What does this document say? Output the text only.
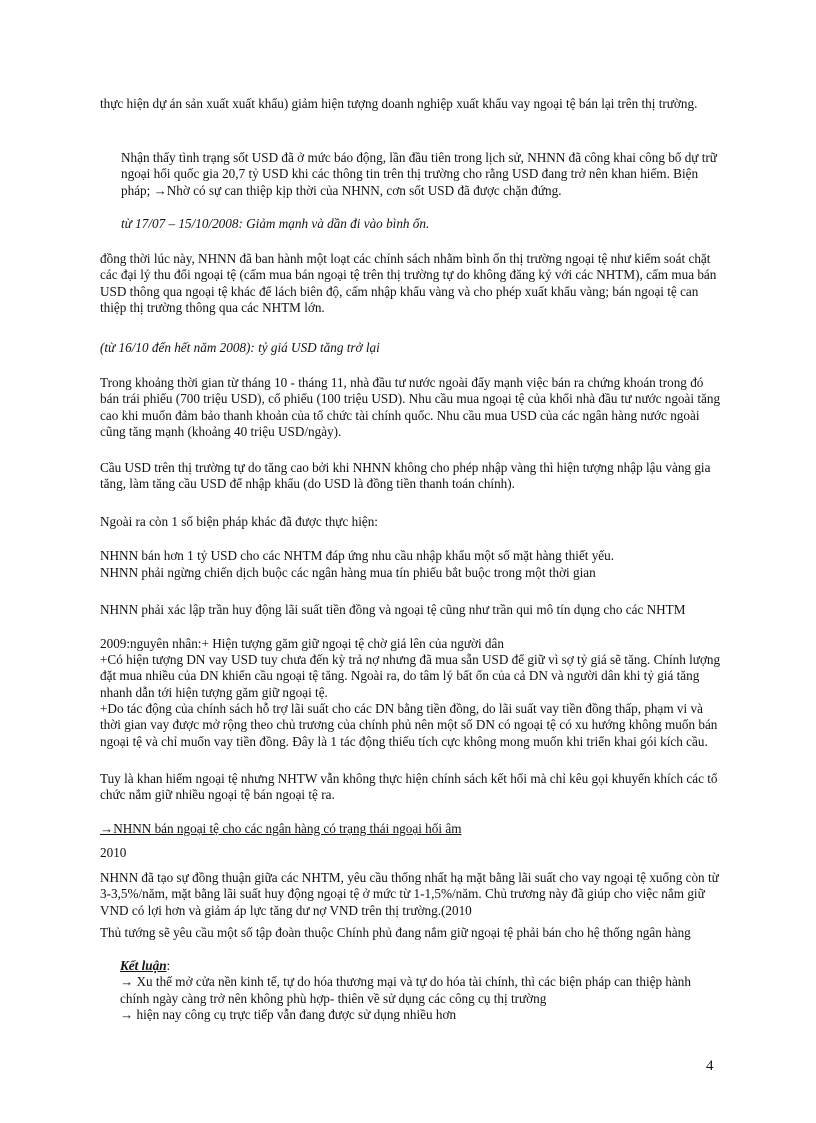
thực hiện dự án sản xuất xuất khẩu) giảm hiện tượng doanh nghiệp xuất khẩu vay ngoại tệ bán lại trên thị trường.

Nhận thấy tình trạng sốt USD đã ở mức báo động, lần đầu tiên trong lịch sử, NHNN đã công khai công bố dự trữ ngoại hối quốc gia 20,7 tỷ USD khi các thông tin trên thị trường cho rằng USD đang trở nên khan hiếm. Biện pháp; →Nhờ có sự can thiệp kịp thời của NHNN, cơn sốt USD đã được chặn đứng.

từ 17/07 – 15/10/2008: Giảm mạnh và dần đi vào bình ổn.

đồng thời lúc này, NHNN đã ban hành một loạt các chính sách nhằm bình ổn thị trường ngoại tệ như kiểm soát chặt các đại lý thu đổi ngoại tệ (cấm mua bán ngoại tệ trên thị trường tự do không đăng ký với các NHTM), cấm mua bán USD thông qua ngoại tệ khác để lách biên độ, cấm nhập khẩu vàng và cho phép xuất khẩu vàng; bán ngoại tệ can thiệp thị trường thông qua các NHTM lớn.

(từ 16/10 đến hết năm 2008): tỷ giá USD tăng trở lại

Trong khoảng thời gian từ tháng 10 - tháng 11, nhà đầu tư nước ngoài đẩy mạnh việc bán ra chứng khoán trong đó bán trái phiếu (700 triệu USD), cổ phiếu (100 triệu USD). Nhu cầu mua ngoại tệ của khối nhà đầu tư nước ngoài tăng cao khi muốn đảm bảo thanh khoản của tổ chức tài chính quốc. Nhu cầu mua USD của các ngân hàng nước ngoài cũng tăng mạnh (khoảng 40 triệu USD/ngày).

Cầu USD trên thị trường tự do tăng cao bởi khi NHNN không cho phép nhập vàng thì hiện tượng nhập lậu vàng gia tăng, làm tăng cầu USD để nhập khẩu (do USD là đồng tiền thanh toán chính).

Ngoài ra còn 1 số biện pháp khác đã được thực hiện:

NHNN bán hơn 1 tỷ USD cho các NHTM đáp ứng nhu cầu nhập khẩu một số mặt hàng thiết yếu.

NHNN phải ngừng chiến dịch buộc các ngân hàng mua tín phiếu bắt buộc trong một thời gian

NHNN phải xác lập trần huy động lãi suất tiền đồng và ngoại tệ cũng như trần qui mô tín dụng cho các NHTM

2009:nguyên nhân:+ Hiện tượng găm giữ ngoại tệ chờ giá lên của người dân

+Có hiện tượng DN vay USD tuy chưa đến kỳ trả nợ nhưng đã mua sẵn USD để giữ vì sợ tỷ giá sẽ tăng. Chính lượng đặt mua nhiều của DN khiến cầu ngoại tệ tăng. Ngoài ra, do tâm lý bất ổn của cả DN và người dân khi tỷ giá tăng nhanh dẫn tới hiện tượng găm giữ ngoại tệ.

+Do tác động của chính sách hỗ trợ lãi suất cho các DN bằng tiền đồng, do lãi suất vay tiền đồng thấp, phạm vi và thời gian vay được mở rộng theo chủ trương của chính phủ nên một số DN có ngoại tệ có xu hướng không muốn bán ngoại tệ và chỉ muốn vay tiền đồng. Đây là 1 tác động thiếu tích cực không mong muốn khi triển khai gói kích cầu.

Tuy là khan hiếm ngoại tệ nhưng NHTW vẫn không thực hiện chính sách kết hối mà chỉ kêu gọi khuyến khích các tổ chức nắm giữ nhiều ngoại tệ bán ngoại tệ ra.

→NHNN bán ngoại tệ cho các ngân hàng có trạng thái ngoại hối âm

2010

NHNN đã tạo sự đồng thuận giữa các NHTM, yêu cầu thống nhất hạ mặt bằng lãi suất cho vay ngoại tệ xuống còn từ 3-3,5%/năm, mặt bằng lãi suất huy động ngoại tệ ở mức từ 1-1,5%/năm. Chủ trương này đã giúp cho việc nắm giữ VND có lợi hơn và giảm áp lực tăng dư nợ VND trên thị trường.(2010

Thủ tướng sẽ yêu cầu một số tập đoàn thuộc Chính phủ đang nắm giữ ngoại tệ phải bán cho hệ thống ngân hàng

Kết luận:
→ Xu thế mở cửa nền kinh tế, tự do hóa thương mại và tự do hóa tài chính, thì các biện pháp can thiệp hành chính ngày càng trở nên không phù hợp- thiên về sử dụng các công cụ thị trường
→ hiện nay công cụ trực tiếp vẫn đang được sử dụng nhiều hơn
4
